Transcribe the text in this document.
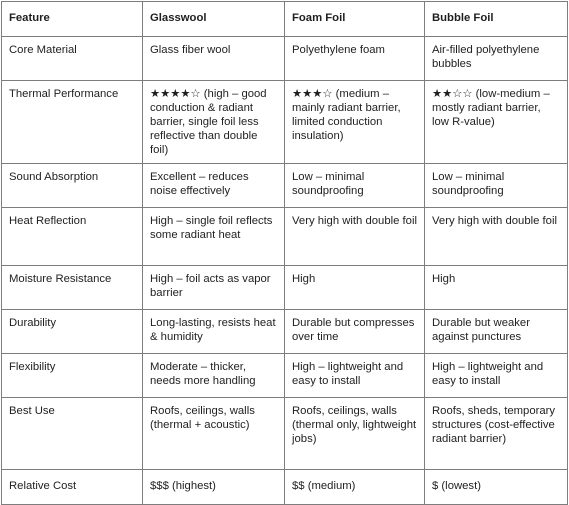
Feature	Glasswool	Foam Foil	Bubble Foil
Core Material	Glass fiber wool	Polyethylene foam	Air-filled polyethylene bubbles
Thermal Performance	★★★★☆ (high – good conduction & radiant barrier, single foil less reflective than double foil)	★★★☆ (medium – mainly radiant barrier, limited conduction insulation)	★★☆☆ (low-medium – mostly radiant barrier, low R-value)
Sound Absorption	Excellent – reduces noise effectively	Low – minimal soundproofing	Low – minimal soundproofing
Heat Reflection	High – single foil reflects some radiant heat	Very high with double foil	Very high with double foil
Moisture Resistance	High – foil acts as vapor barrier	High	High
Durability	Long-lasting, resists heat & humidity	Durable but compresses over time	Durable but weaker against punctures
Flexibility	Moderate – thicker, needs more handling	High – lightweight and easy to install	High – lightweight and easy to install
Best Use	Roofs, ceilings, walls (thermal + acoustic)	Roofs, ceilings, walls (thermal only, lightweight jobs)	Roofs, sheds, temporary structures (cost-effective radiant barrier)
Relative Cost	$$$ (highest)	$$ (medium)	$ (lowest)
